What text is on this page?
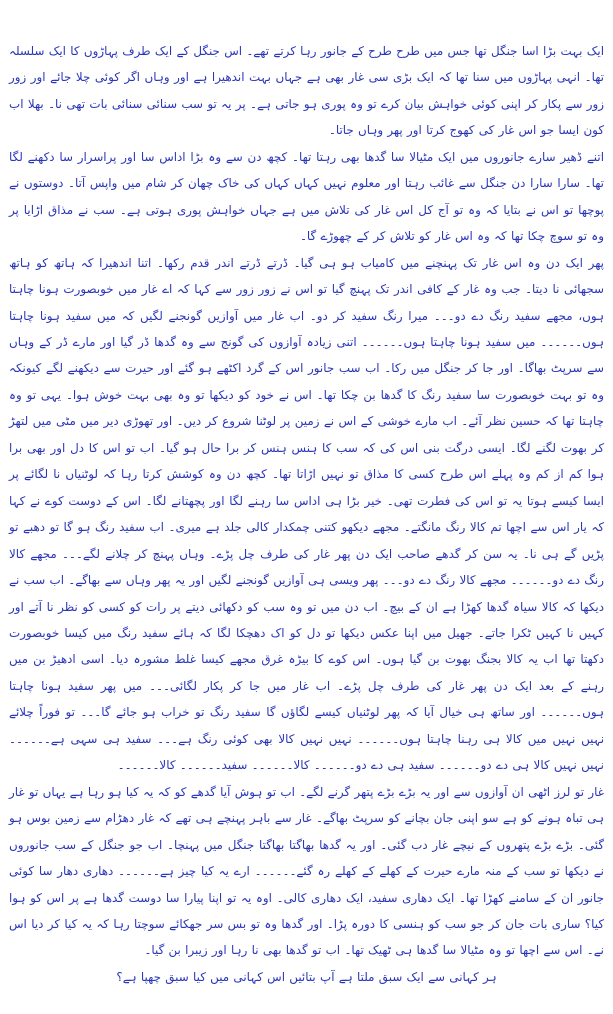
ایک بہت بڑا اسا جنگل تھا جس میں طرح طرح کے جانور رہا کرتے تھے۔ اس جنگل کے ایک طرف پہاڑوں کا ایک سلسلہ تھا۔ انہی پہاڑوں میں سنا تھا کہ ایک بڑی سی غار بھی ہے جہاں بہت اندھیرا ہے اور وہاں اگر کوئی چلا جائے اور زور زور سے پکار کر اپنی کوئی خواہش بیان کرے تو وہ پوری ہو جاتی ہے۔ پر یہ تو سب سنائی سنائی بات تھی نا۔ بھلا اب کون ایسا جو اس غار کی کھوج کرتا اور پھر وہاں جاتا۔

اتنے ڈھیر سارے جانوروں میں ایک مٹیالا سا گدھا بھی رہتا تھا۔ کچھ دن سے وہ بڑا اداس سا اور پراسرار سا دکھنے لگا تھا۔ سارا سارا دن جنگل سے غائب رہتا اور معلوم نہیں کہاں کہاں کی خاک چھان کر شام میں واپس آتا۔ دوستوں نے پوچھا تو اس نے بتایا کہ وہ تو آج کل اس غار کی تلاش میں ہے جہاں خواہش پوری ہوتی ہے۔ سب نے مذاق اڑایا پر وہ تو سوچ چکا تھا کہ وہ اس غار کو تلاش کر کے چھوڑے گا۔

پھر ایک دن وہ اس غار تک پہنچنے میں کامیاب ہو ہی گیا۔ ڈرتے ڈرتے اندر قدم رکھا۔ اتنا اندھیرا کہ ہاتھ کو ہاتھ سجھائی نا دیتا۔ جب وہ غار کے کافی اندر تک پہنچ گیا تو اس نے زور زور سے کہا کہ اے غار میں خوبصورت ہونا چاہتا ہوں، مجھے سفید رنگ دے دو۔۔۔ میرا رنگ سفید کر دو۔ اب غار میں آوازیں گونجنے لگیں کہ میں سفید ہونا چاہتا ہوں۔۔۔۔۔۔ میں سفید ہونا چاہتا ہوں۔۔۔۔۔۔ اتنی زیادہ آوازوں کی گونج سے وہ گدھا ڈر گیا اور مارے ڈر کے وہاں سے سرپٹ بھاگا۔ اور جا کر جنگل میں رکا۔ اب سب جانور اس کے گرد اکٹھے ہو گئے اور حیرت سے دیکھنے لگے کیونکہ وہ تو بہت خوبصورت سا سفید رنگ کا گدھا بن چکا تھا۔ اس نے خود کو دیکھا تو وہ بھی بہت خوش ہوا۔ یہی تو وہ چاہتا تھا کہ حسین نظر آئے۔ اب مارے خوشی کے اس نے زمین پر لوٹنا شروع کر دیں۔ اور تھوڑی دیر میں مٹی میں لتھڑ کر بھوت لگنے لگا۔ ایسی درگت بنی اس کی کہ سب کا ہنس ہنس کر برا حال ہو گیا۔ اب تو اس کا دل اور بھی برا ہوا کم از کم وہ پہلے اس طرح کسی کا مذاق تو نہیں اڑاتا تھا۔ کچھ دن وہ کوشش کرتا رہا کہ لوٹنیاں نا لگائے پر ایسا کیسے ہوتا یہ تو اس کی فطرت تھی۔ خیر بڑا ہی اداس سا رہنے لگا اور پچھتانے لگا۔ اس کے دوست کوے نے کہا کہ یار اس سے اچھا تم کالا رنگ مانگتے۔ مجھے دیکھو کتنی چمکدار کالی جلد ہے میری۔ اب سفید رنگ ہو گا تو دھبے تو پڑیں گے ہی نا۔ یہ سن کر گدھے صاحب ایک دن پھر غار کی طرف چل پڑے۔ وہاں پہنچ کر چلانے لگے۔۔۔ مجھے کالا رنگ دے دو۔۔۔۔۔۔ مجھے کالا رنگ دے دو۔۔۔ پھر ویسی ہی آوازیں گونجنے لگیں اور یہ پھر وہاں سے بھاگے۔ اب سب نے دیکھا کہ کالا سیاہ گدھا کھڑا ہے ان کے بیچ۔ اب دن میں تو وہ سب کو دکھائی دیتے پر رات کو کسی کو نظر نا آتے اور کہیں نا کہیں ٹکرا جاتے۔ جھیل میں اپنا عکس دیکھا تو دل کو اک دھچکا لگا کہ ہائے سفید رنگ میں کیسا خوبصورت دکھتا تھا اب یہ کالا بجنگ بھوت بن گیا ہوں۔ اس کوے کا بیڑہ غرق مجھے کیسا غلط مشورہ دیا۔ اسی ادھیڑ بن میں رہنے کے بعد ایک دن پھر غار کی طرف چل پڑے۔ اب غار میں جا کر پکار لگائی۔۔۔ میں پھر سفید ہونا چاہتا ہوں۔۔۔۔۔۔ اور ساتھ ہی خیال آیا کہ پھر لوٹنیاں کیسے لگاؤں گا سفید رنگ تو خراب ہو جائے گا۔۔۔ تو فوراً چلائے نہیں نہیں میں کالا ہی رہنا چاہتا ہوں۔۔۔۔۔۔ نہیں نہیں کالا بھی کوئی رنگ ہے۔۔۔ سفید ہی سہی ہے۔۔۔۔۔۔ نہیں نہیں کالا ہی دے دو۔۔۔۔۔۔ سفید ہی دے دو۔۔۔۔۔۔ کالا۔۔۔۔۔۔ سفید۔۔۔۔۔۔ کالا۔۔۔۔۔۔

غار تو لرز اٹھی ان آوازوں سے اور یہ بڑے بڑے پتھر گرنے لگے۔ اب تو ہوش آیا گدھے کو کہ یہ کیا ہو رہا ہے یہاں تو غار ہی تباہ ہونے کو ہے سو اپنی جان بچانے کو سرپٹ بھاگے۔ غار سے باہر پہنچے ہی تھے کہ غار دھڑام سے زمین بوس ہو گئی۔ بڑے بڑے پتھروں کے نیچے غار دب گئی۔ اور یہ گدھا بھاگتا بھاگتا جنگل میں پہنچا۔ اب جو جنگل کے سب جانوروں نے دیکھا تو سب کے منہ مارے حیرت کے کھلے کے کھلے رہ گئے۔۔۔۔۔۔ ارے یہ کیا چیز ہے۔۔۔۔۔۔ دھاری دھار سا کوئی جانور ان کے سامنے کھڑا تھا۔ ایک دھاری سفید، ایک دھاری کالی۔ اوہ یہ تو اپنا پیارا سا دوست گدھا ہے پر اس کو ہوا کیا؟ ساری بات جان کر جو سب کو ہنسی کا دورہ پڑا۔ اور گدھا وہ تو بس سر جھکائے سوچتا رہا کہ یہ کیا کر دیا اس نے۔ اس سے اچھا تو وہ مٹیالا سا گدھا ہی ٹھیک تھا۔ اب تو گدھا بھی نا رہا اور زیبرا بن گیا۔

ہر کہانی سے ایک سبق ملتا ہے آپ بتائیں اس کہانی میں کیا سبق چھپا ہے؟
